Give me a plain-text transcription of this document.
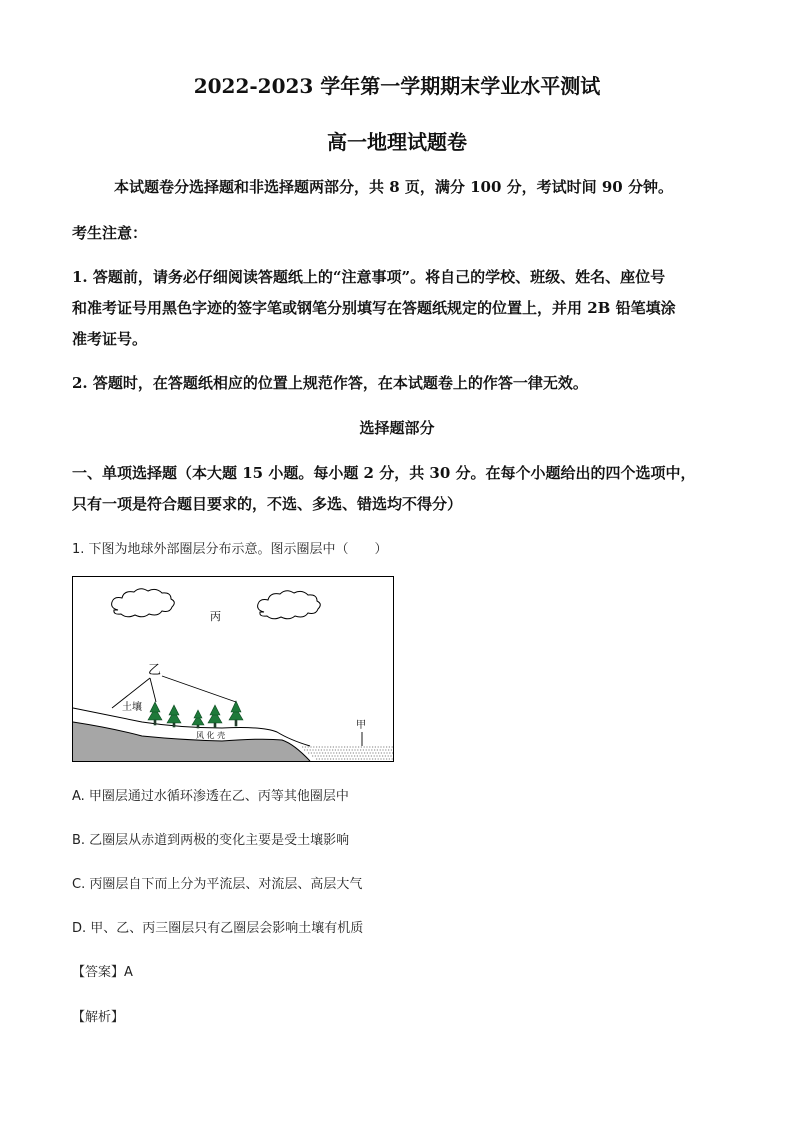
2022-2023 学年第一学期期末学业水平测试
高一地理试题卷
本试题卷分选择题和非选择题两部分，共 8 页，满分 100 分，考试时间 90 分钟。
考生注意：
1. 答题前，请务必仔细阅读答题纸上的“注意事项”。将自己的学校、班级、姓名、座位号
和准考证号用黑色字迹的签字笔或钢笔分别填写在答题纸规定的位置上，并用 2B 铅笔填涂
准考证号。
2. 答题时，在答题纸相应的位置上规范作答，在本试题卷上的作答一律无效。
选择题部分
一、单项选择题（本大题 15 小题。每小题 2 分，共 30 分。在每个小题给出的四个选项中，
只有一项是符合题目要求的，不选、多选、错选均不得分）
1. 下图为地球外部圈层分布示意。图示圈层中（　　）
丙
乙
土壤
风 化 壳
甲
A. 甲圈层通过水循环渗透在乙、丙等其他圈层中
B. 乙圈层从赤道到两极的变化主要是受土壤影响
C. 丙圈层自下而上分为平流层、对流层、高层大气
D. 甲、乙、丙三圈层只有乙圈层会影响土壤有机质
【答案】A
【解析】
